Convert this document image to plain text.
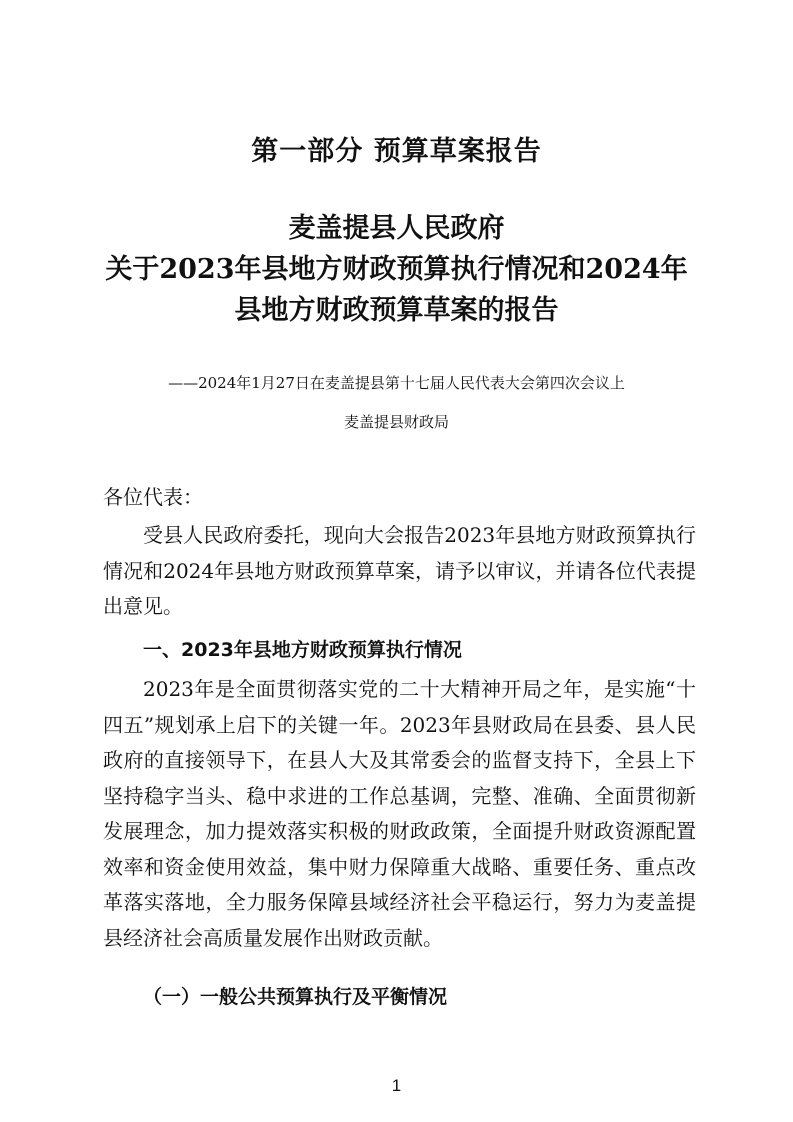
第一部分 预算草案报告
麦盖提县人民政府
关于2023年县地方财政预算执行情况和2024年
县地方财政预算草案的报告
——2024年1月27日在麦盖提县第十七届人民代表大会第四次会议上
麦盖提县财政局
各位代表：
受县人民政府委托，现向大会报告2023年县地方财政预算执行情况和2024年县地方财政预算草案，请予以审议，并请各位代表提出意见。
一、2023年县地方财政预算执行情况
2023年是全面贯彻落实党的二十大精神开局之年，是实施“十四五”规划承上启下的关键一年。2023年县财政局在县委、县人民政府的直接领导下，在县人大及其常委会的监督支持下，全县上下坚持稳字当头、稳中求进的工作总基调，完整、准确、全面贯彻新发展理念，加力提效落实积极的财政政策，全面提升财政资源配置效率和资金使用效益，集中财力保障重大战略、重要任务、重点改革落实落地，全力服务保障县域经济社会平稳运行，努力为麦盖提县经济社会高质量发展作出财政贡献。
（一）一般公共预算执行及平衡情况
1
